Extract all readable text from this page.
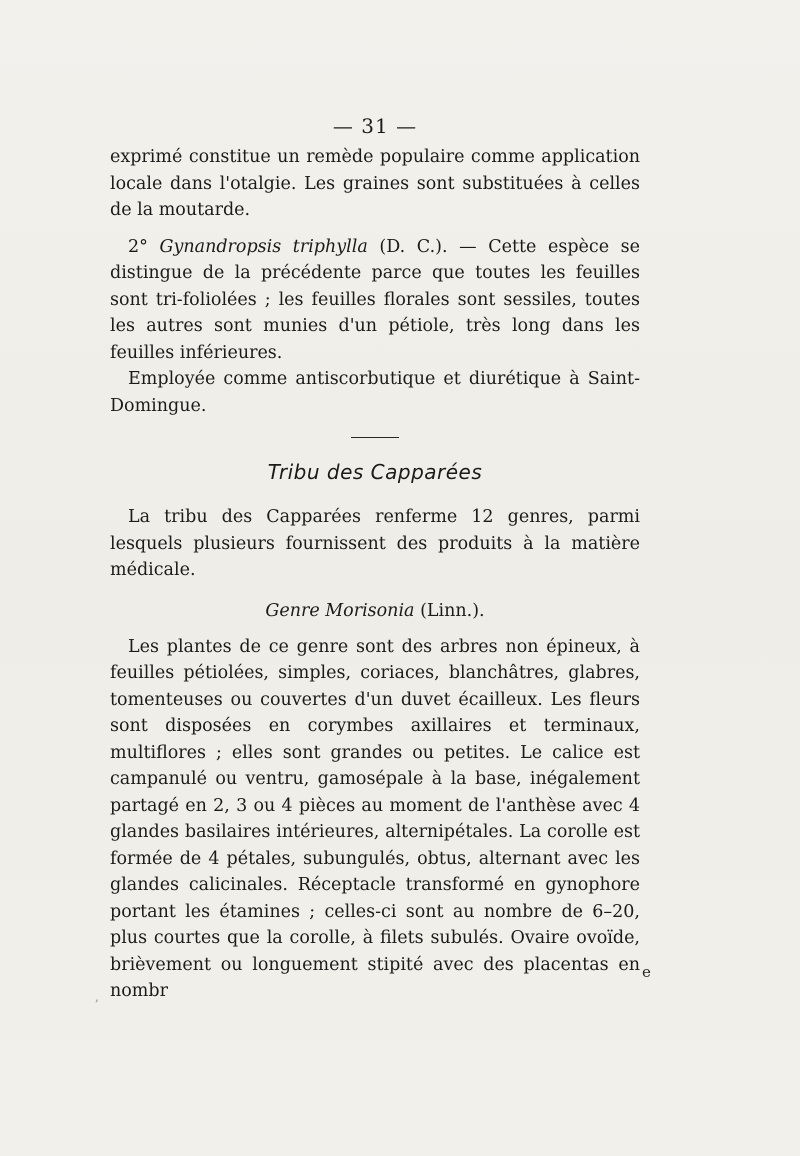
— 31 —

exprimé constitue un remède populaire comme application locale dans l'otalgie. Les graines sont substituées à celles de la moutarde.

2° Gynandropsis triphylla (D. C.). — Cette espèce se distingue de la précédente parce que toutes les feuilles sont tri-foliolées ; les feuilles florales sont sessiles, toutes les autres sont munies d'un pétiole, très long dans les feuilles inférieures.

Employée comme antiscorbutique et diurétique à Saint-Domingue.

Tribu des Capparées

La tribu des Capparées renferme 12 genres, parmi lesquels plusieurs fournissent des produits à la matière médicale.

Genre Morisonia (Linn.).

Les plantes de ce genre sont des arbres non épineux, à feuilles pétiolées, simples, coriaces, blanchâtres, glabres, tomenteuses ou couvertes d'un duvet écailleux. Les fleurs sont disposées en corymbes axillaires et terminaux, multiflores ; elles sont grandes ou petites. Le calice est campanulé ou ventru, gamosépale à la base, inégalement partagé en 2, 3 ou 4 pièces au moment de l'anthèse avec 4 glandes basilaires intérieures, alternipétales. La corolle est formée de 4 pétales, subungulés, obtus, alternant avec les glandes calicinales. Réceptacle transformé en gynophore portant les étamines ; celles-ci sont au nombre de 6–20, plus courtes que la corolle, à filets subulés. Ovaire ovoïde, brièvement ou longuement stipité avec des placentas en nombr

e
,
